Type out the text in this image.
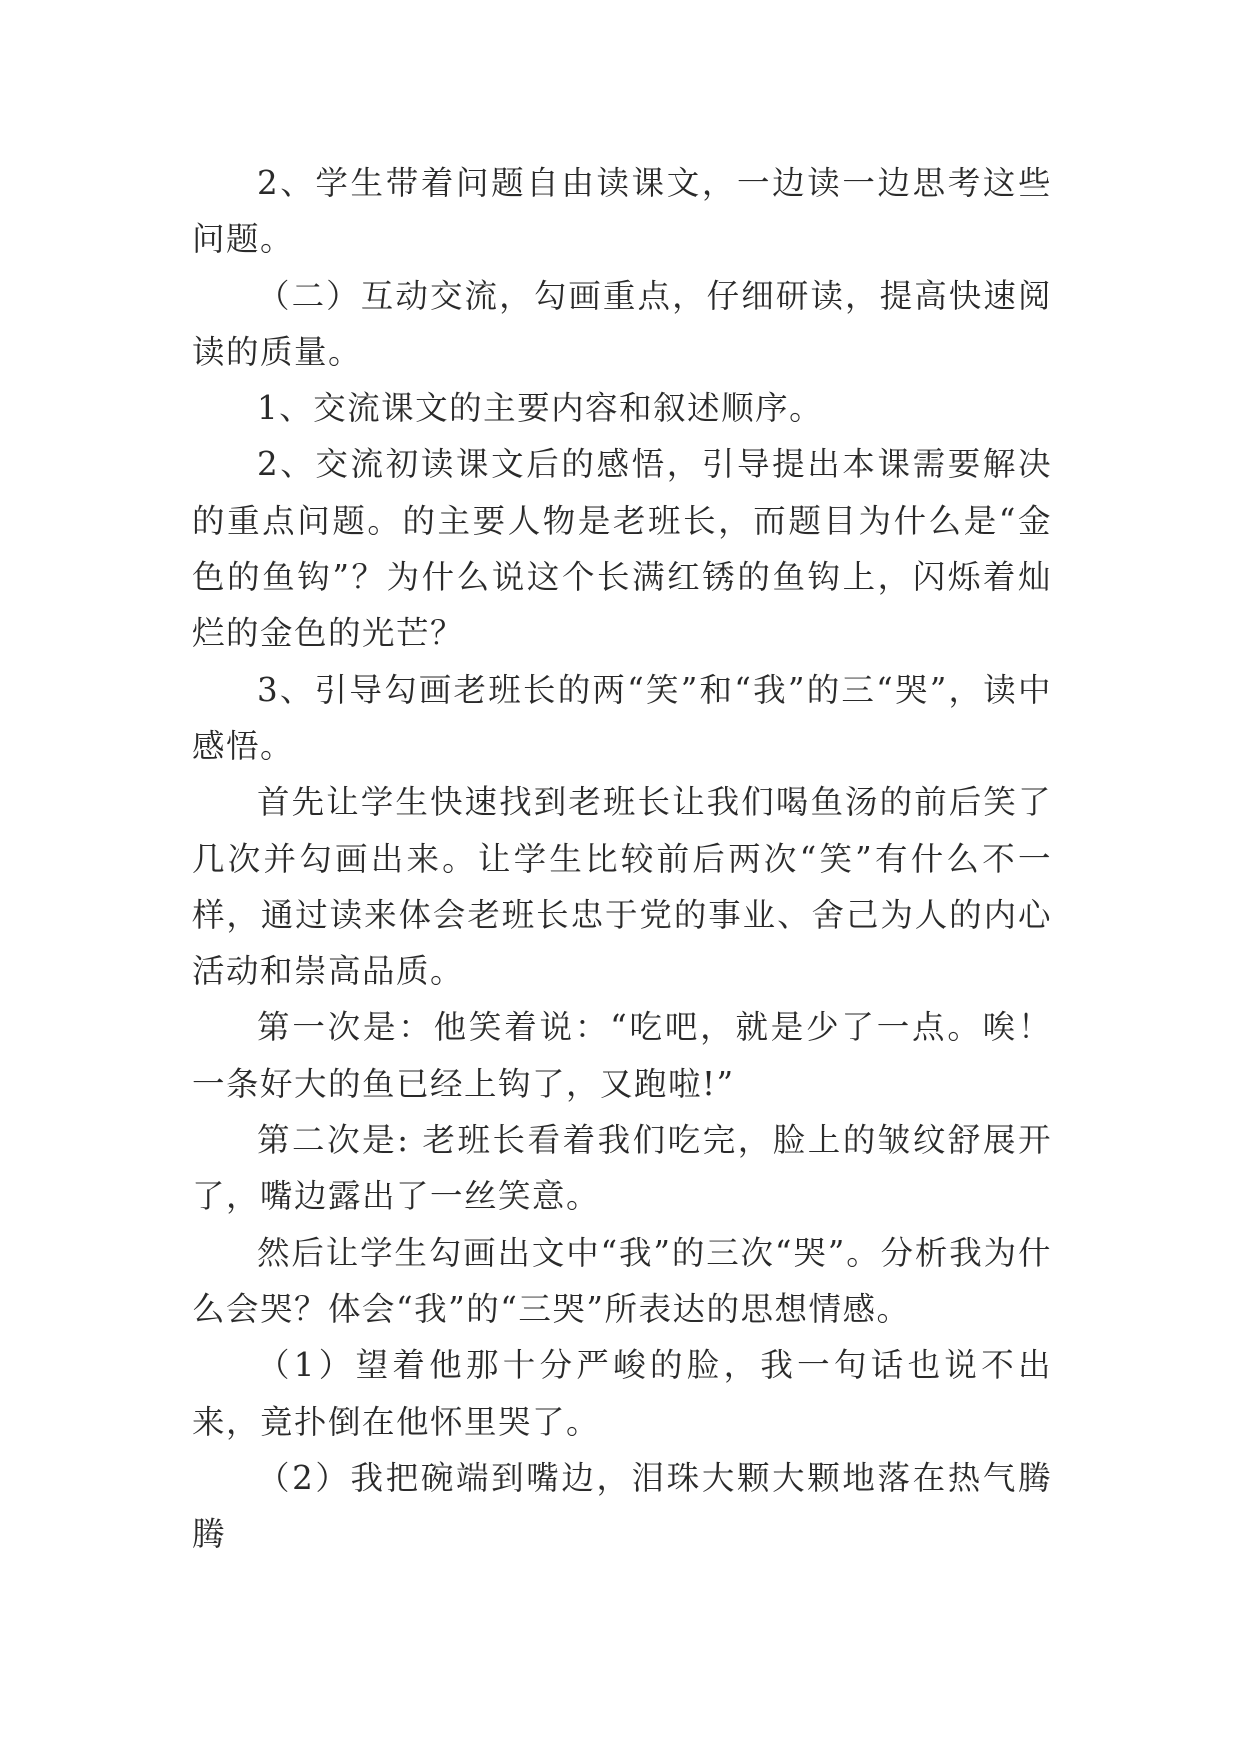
2、学生带着问题自由读课文，一边读一边思考这些问题。

（二）互动交流，勾画重点，仔细研读，提高快速阅读的质量。

1、交流课文的主要内容和叙述顺序。

2、交流初读课文后的感悟，引导提出本课需要解决的重点问题。的主要人物是老班长，而题目为什么是“金色的鱼钩”？为什么说这个长满红锈的鱼钩上，闪烁着灿烂的金色的光芒？

3、引导勾画老班长的两“笑”和“我”的三“哭”，读中感悟。

首先让学生快速找到老班长让我们喝鱼汤的前后笑了几次并勾画出来。让学生比较前后两次“笑”有什么不一样，通过读来体会老班长忠于党的事业、舍己为人的内心活动和崇高品质。

第一次是：他笑着说：“吃吧，就是少了一点。唉！一条好大的鱼已经上钩了，又跑啦!”

第二次是: 老班长看着我们吃完，脸上的皱纹舒展开了，嘴边露出了一丝笑意。

然后让学生勾画出文中“我”的三次“哭”。分析我为什么会哭？体会“我”的“三哭”所表达的思想情感。

（1）望着他那十分严峻的脸，我一句话也说不出来，竟扑倒在他怀里哭了。

（2）我把碗端到嘴边，泪珠大颗大颗地落在热气腾腾
